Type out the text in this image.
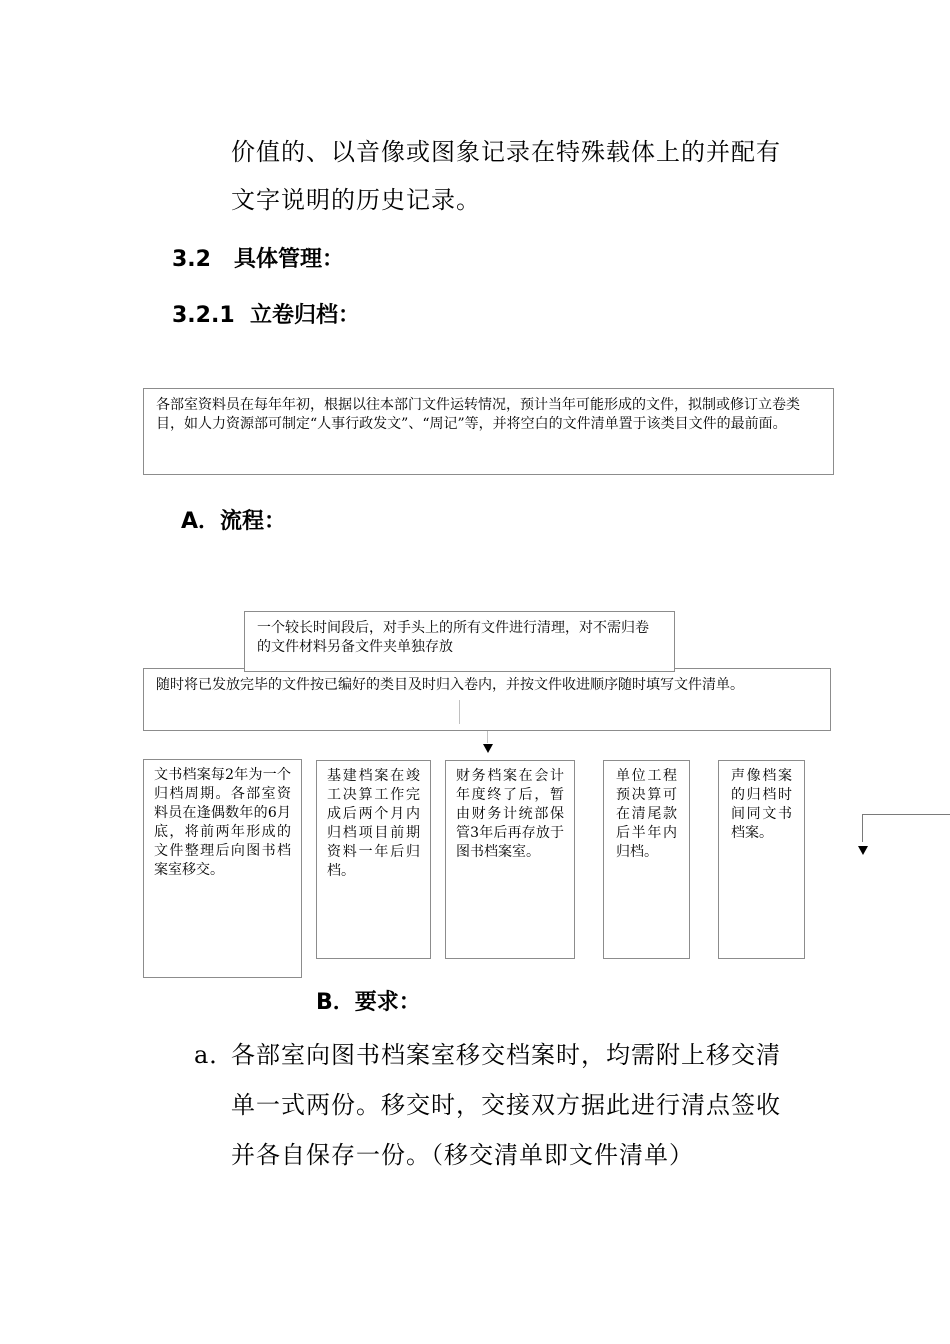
价值的、以音像或图象记录在特殊载体上的并配有
文字说明的历史记录。
3.2   具体管理：
3.2.1  立卷归档：
各部室资料员在每年年初，根据以往本部门文件运转情况，预计当年可能形成的文件，拟制或修订立卷类目，如人力资源部可制定“人事行政发文”、“周记”等，并将空白的文件清单置于该类目文件的最前面。
A．流程：
随时将已发放完毕的文件按已编好的类目及时归入卷内，并按文件收进顺序随时填写文件清单。
一个较长时间段后，对手头上的所有文件进行清理，对不需归卷的文件材料另备文件夹单独存放
文书档案每2年为一个归档周期。各部室资料员在逢偶数年的6月底，将前两年形成的文件整理后向图书档案室移交。
基建档案在竣工决算工作完成后两个月内归档项目前期资料一年后归档。
财务档案在会计年度终了后，暂由财务计统部保管3年后再存放于图书档案室。
单位工程预决算可在清尾款后半年内归档。
声像档案的归档时间同文书档案。
B．要求：
a．
各部室向图书档案室移交档案时，均需附上移交清
单一式两份。移交时，交接双方据此进行清点签收
并各自保存一份。（移交清单即文件清单）
